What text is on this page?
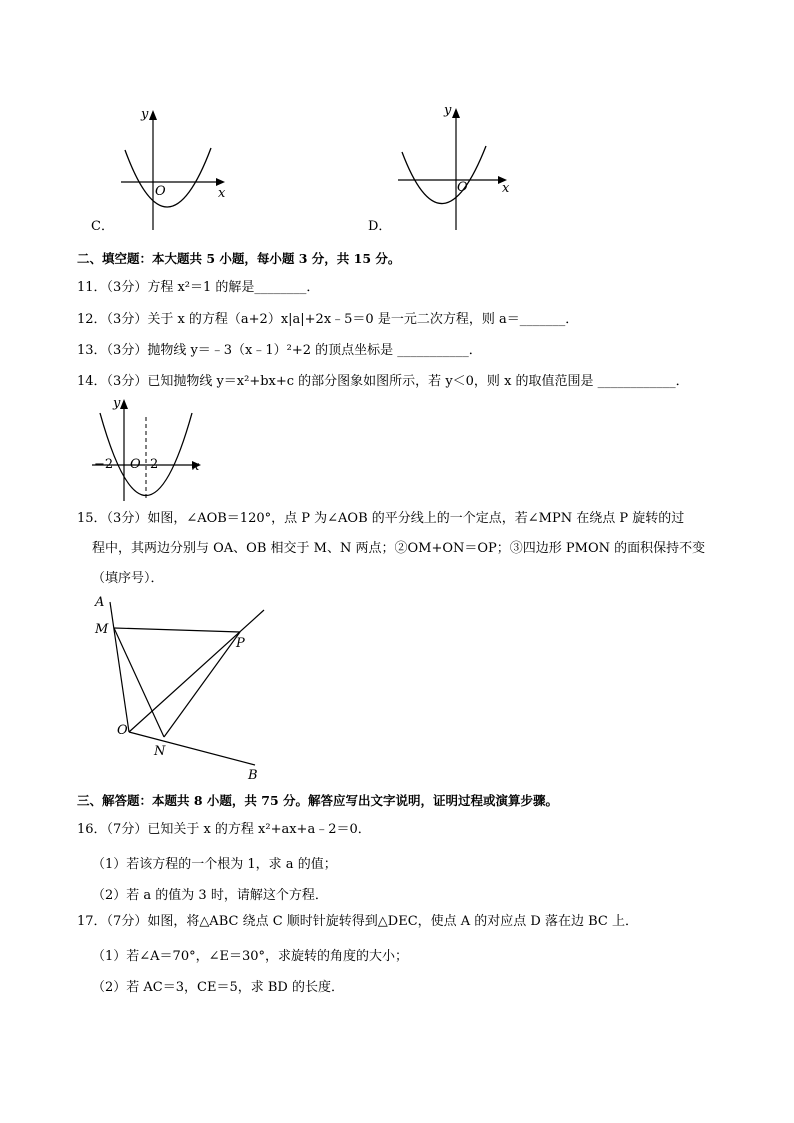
y
O	x
C．
y
O	x
D．
二、填空题：本大题共 5 小题，每小题 3 分，共 15 分。
11．（3分）方程 x²＝1 的解是________．
12．（3分）关于 x 的方程（a+2）x|a|+2x﹣5＝0 是一元二次方程，则 a＝_______．
13．（3分）抛物线 y＝﹣3（x﹣1）²+2 的顶点坐标是 ___________．
14．（3分）已知抛物线 y＝x²+bx+c 的部分图象如图所示，若 y＜0，则 x 的取值范围是 ____________．
y
−2 O 2	x
15．（3分）如图，∠AOB＝120°，点 P 为∠AOB 的平分线上的一个定点，若∠MPN 在绕点 P 旋转的过
程中，其两边分别与 OA、OB 相交于 M、N 两点；②OM+ON＝OP；③四边形 PMON 的面积保持不变
（填序号）．
A
M
P
O
N
B
三、解答题：本题共 8 小题，共 75 分。解答应写出文字说明，证明过程或演算步骤。
16．（7分）已知关于 x 的方程 x²+ax+a﹣2＝0．
（1）若该方程的一个根为 1，求 a 的值；
（2）若 a 的值为 3 时，请解这个方程．
17．（7分）如图，将△ABC 绕点 C 顺时针旋转得到△DEC，使点 A 的对应点 D 落在边 BC 上．
（1）若∠A＝70°，∠E＝30°，求旋转的角度的大小；
（2）若 AC＝3，CE＝5，求 BD 的长度．
